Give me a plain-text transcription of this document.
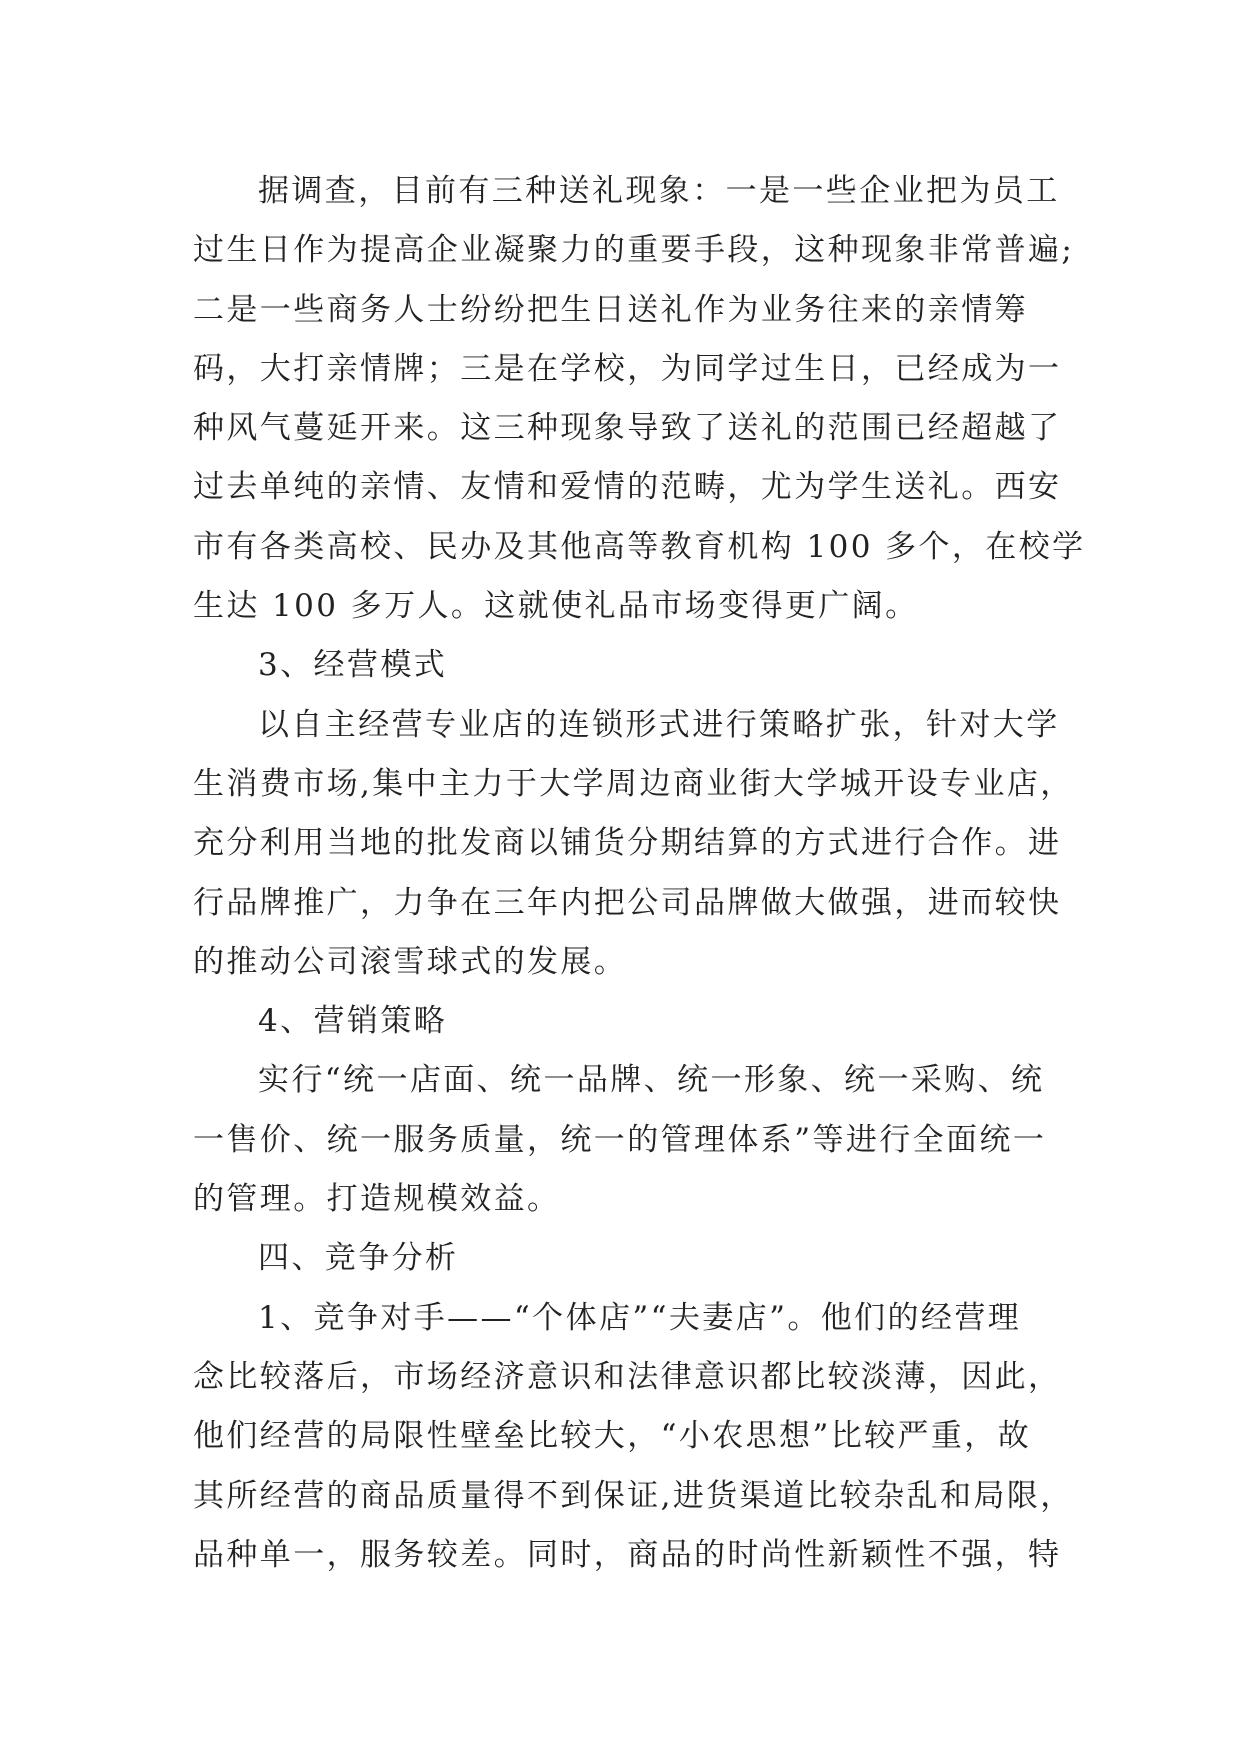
据调查，目前有三种送礼现象：一是一些企业把为员工
过生日作为提高企业凝聚力的重要手段，这种现象非常普遍;
二是一些商务人士纷纷把生日送礼作为业务往来的亲情筹
码，大打亲情牌；三是在学校，为同学过生日，已经成为一
种风气蔓延开来。这三种现象导致了送礼的范围已经超越了
过去单纯的亲情、友情和爱情的范畴，尤为学生送礼。西安
市有各类高校、民办及其他高等教育机构 100 多个，在校学
生达 100 多万人。这就使礼品市场变得更广阔。
3、经营模式
以自主经营专业店的连锁形式进行策略扩张，针对大学
生消费市场,集中主力于大学周边商业街大学城开设专业店，
充分利用当地的批发商以铺货分期结算的方式进行合作。进
行品牌推广，力争在三年内把公司品牌做大做强，进而较快
的推动公司滚雪球式的发展。
4、营销策略
实行“统一店面、统一品牌、统一形象、统一采购、统
一售价、统一服务质量，统一的管理体系”等进行全面统一
的管理。打造规模效益。
四、竞争分析
1、竞争对手——“个体店”“夫妻店”。他们的经营理
念比较落后，市场经济意识和法律意识都比较淡薄，因此，
他们经营的局限性壁垒比较大，“小农思想”比较严重，故
其所经营的商品质量得不到保证,进货渠道比较杂乱和局限，
品种单一，服务较差。同时，商品的时尚性新颖性不强，特
